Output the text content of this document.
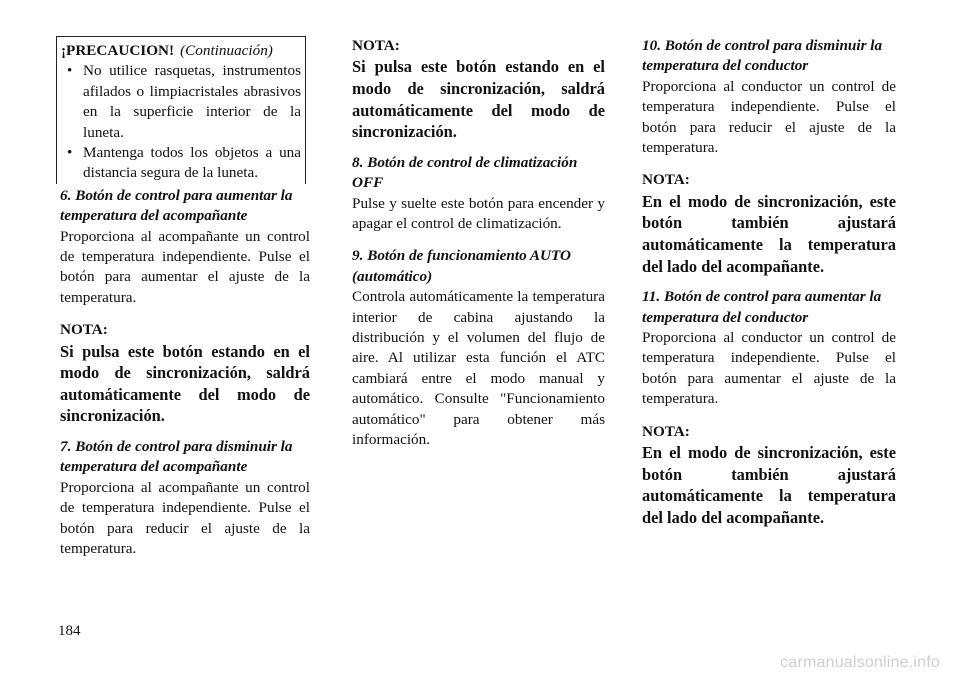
¡PRECAUCION! (Continuación)
• No utilice rasquetas, instrumentos afilados o limpiacristales abrasivos en la superficie interior de la luneta.
• Mantenga todos los objetos a una distancia segura de la luneta.
6. Botón de control para aumentar la temperatura del acompañante
Proporciona al acompañante un control de temperatura independiente. Pulse el botón para aumentar el ajuste de la temperatura.
NOTA:
Si pulsa este botón estando en el modo de sincronización, saldrá automáticamente del modo de sincronización.
7. Botón de control para disminuir la temperatura del acompañante
Proporciona al acompañante un control de temperatura independiente. Pulse el botón para reducir el ajuste de la temperatura.
NOTA:
Si pulsa este botón estando en el modo de sincronización, saldrá automáticamente del modo de sincronización.
8. Botón de control de climatización OFF
Pulse y suelte este botón para encender y apagar el control de climatización.
9. Botón de funcionamiento AUTO (automático)
Controla automáticamente la temperatura interior de cabina ajustando la distribución y el volumen del flujo de aire. Al utilizar esta función el ATC cambiará entre el modo manual y automático. Consulte "Funcionamiento automático" para obtener más información.
10. Botón de control para disminuir la temperatura del conductor
Proporciona al conductor un control de temperatura independiente. Pulse el botón para reducir el ajuste de la temperatura.
NOTA:
En el modo de sincronización, este botón también ajustará automáticamente la temperatura del lado del acompañante.
11. Botón de control para aumentar la temperatura del conductor
Proporciona al conductor un control de temperatura independiente. Pulse el botón para aumentar el ajuste de la temperatura.
NOTA:
En el modo de sincronización, este botón también ajustará automáticamente la temperatura del lado del acompañante.
184
carmanualsonline.info
